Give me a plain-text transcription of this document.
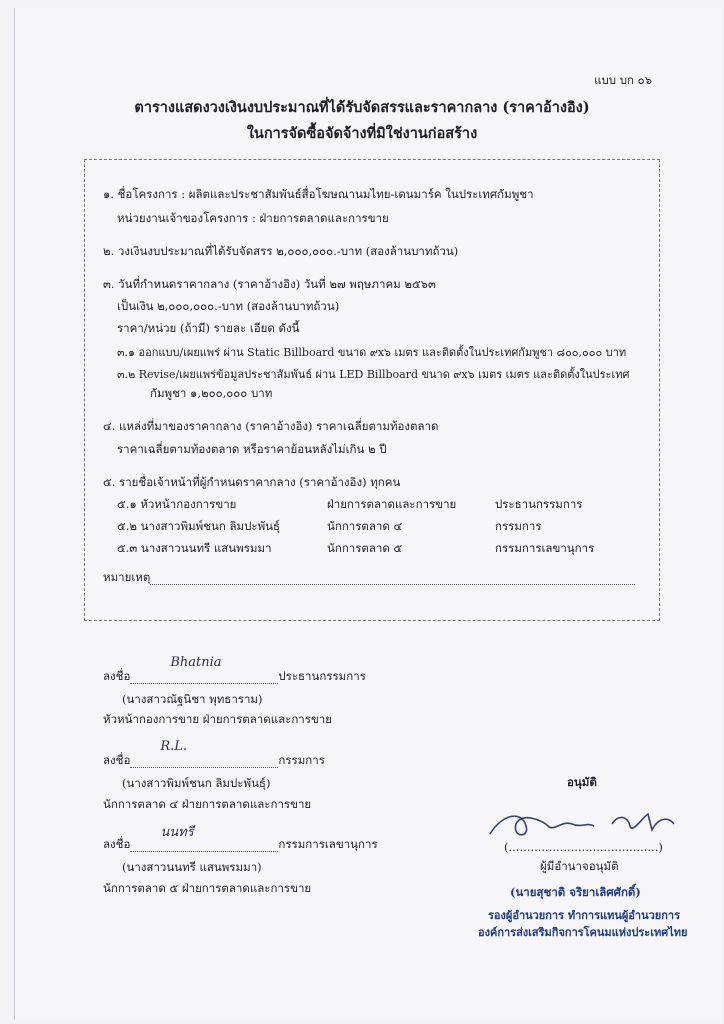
แบบ บก ๐๖
ตารางแสดงวงเงินงบประมาณที่ได้รับจัดสรรและราคากลาง (ราคาอ้างอิง)
ในการจัดซื้อจัดจ้างที่มิใช่งานก่อสร้าง
๑. ชื่อโครงการ : ผลิตและประชาสัมพันธ์สื่อโฆษณานมไทย-เดนมาร์ค ในประเทศกัมพูชา
หน่วยงานเจ้าของโครงการ : ฝ่ายการตลาดและการขาย
๒. วงเงินงบประมาณที่ได้รับจัดสรร ๒,๐๐๐,๐๐๐.-บาท (สองล้านบาทถ้วน)
๓. วันที่กำหนดราคากลาง (ราคาอ้างอิง) วันที่ ๒๗ พฤษภาคม ๒๕๖๓
เป็นเงิน ๒,๐๐๐,๐๐๐.-บาท (สองล้านบาทถ้วน)
ราคา/หน่วย (ถ้ามี) รายละ เอียด ดังนี้
๓.๑ ออกแบบ/เผยแพร่ ผ่าน Static Billboard ขนาด ๙x๖ เมตร และติดตั้งในประเทศกัมพูชา ๘๐๐,๐๐๐ บาท
๓.๒ Revise/เผยแพร่ข้อมูลประชาสัมพันธ์ ผ่าน LED Billboard ขนาด ๙x๖ เมตร เมตร และติดตั้งในประเทศ
กัมพูชา ๑,๒๐๐,๐๐๐ บาท
๔. แหล่งที่มาของราคากลาง (ราคาอ้างอิง) ราคาเฉลี่ยตามท้องตลาด
ราคาเฉลี่ยตามท้องตลาด หรือราคาย้อนหลังไม่เกิน ๒ ปี
๕. รายชื่อเจ้าหน้าที่ผู้กำหนดราคากลาง (ราคาอ้างอิง) ทุกคน
๕.๑ หัวหน้ากองการขาย	ฝ่ายการตลาดและการขาย	ประธานกรรมการ
๕.๒ นางสาวพิมพ์ชนก ลิมปะพันธุ์	นักการตลาด ๔	กรรมการ
๕.๓ นางสาวนนทรี แสนพรมมา	นักการตลาด ๕	กรรมการเลขานุการ
หมายเหตุ
ลงชื่อ
Bhatnia
ประธานกรรมการ
(นางสาวณัฐนิชา พุทธาราม)
หัวหน้ากองการขาย ฝ่ายการตลาดและการขาย
ลงชื่อ
R.L.
กรรมการ
(นางสาวพิมพ์ชนก ลิมปะพันธุ์)
นักการตลาด ๔ ฝ่ายการตลาดและการขาย
ลงชื่อ
นนทรี
กรรมการเลขานุการ
(นางสาวนนทรี แสนพรมมา)
นักการตลาด ๕ ฝ่ายการตลาดและการขาย
อนุมัติ
(.........................................)
ผู้มีอำนาจอนุมัติ
(นายสุชาติ จริยาเลิศศักดิ์)
รองผู้อำนวยการ ทำการแทนผู้อำนวยการ
องค์การส่งเสริมกิจการโคนมแห่งประเทศไทย
